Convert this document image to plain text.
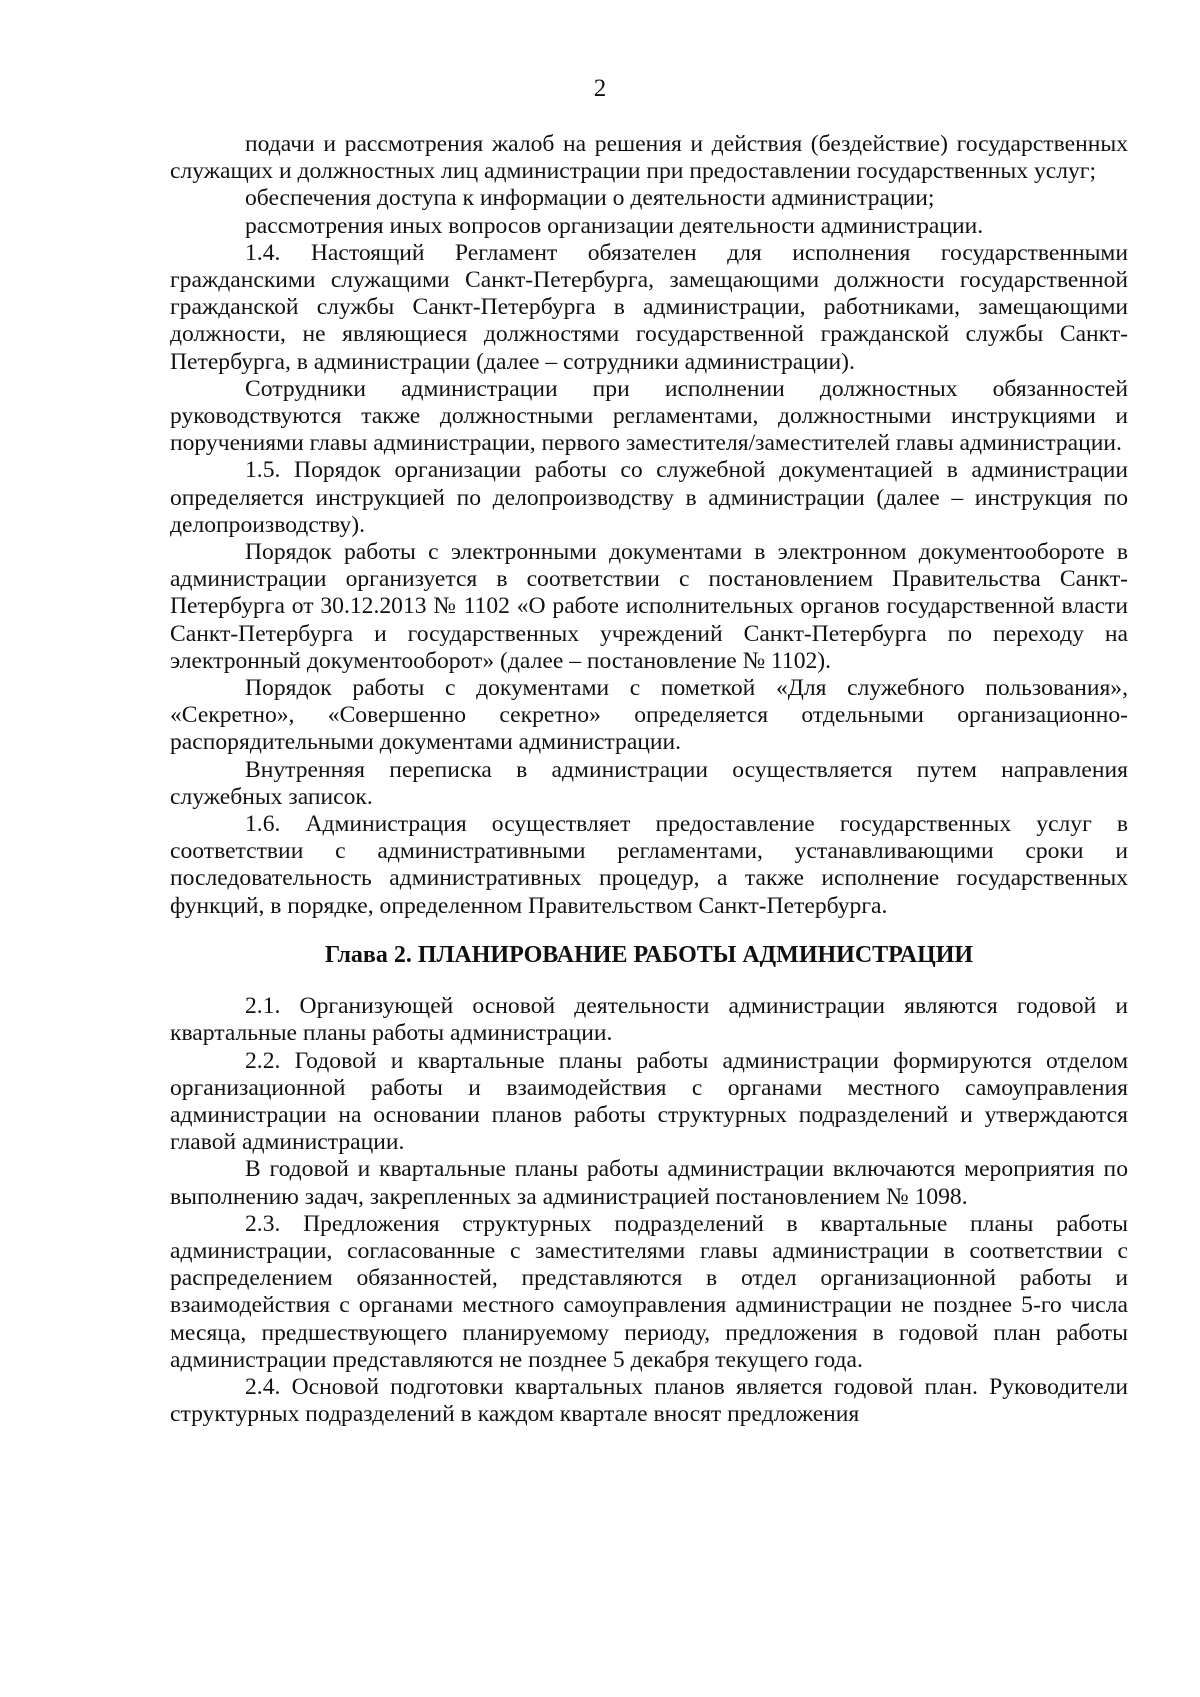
2

подачи и рассмотрения жалоб на решения и действия (бездействие) государственных служащих и должностных лиц администрации при предоставлении государственных услуг;

обеспечения доступа к информации о деятельности администрации;

рассмотрения иных вопросов организации деятельности администрации.

1.4. Настоящий Регламент обязателен для исполнения государственными гражданскими служащими Санкт-Петербурга, замещающими должности государственной гражданской службы Санкт-Петербурга в администрации, работниками, замещающими должности, не являющиеся должностями государственной гражданской службы Санкт-Петербурга, в администрации (далее – сотрудники администрации).

Сотрудники администрации при исполнении должностных обязанностей руководствуются также должностными регламентами, должностными инструкциями и поручениями главы администрации, первого заместителя/заместителей главы администрации.

1.5. Порядок организации работы со служебной документацией в администрации определяется инструкцией по делопроизводству в администрации (далее – инструкция по делопроизводству).

Порядок работы с электронными документами в электронном документообороте в администрации организуется в соответствии с постановлением Правительства Санкт-Петербурга от 30.12.2013 № 1102 «О работе исполнительных органов государственной власти Санкт-Петербурга и государственных учреждений Санкт-Петербурга по переходу на электронный документооборот» (далее – постановление № 1102).

Порядок работы с документами с пометкой «Для служебного пользования», «Секретно», «Совершенно секретно» определяется отдельными организационно-распорядительными документами администрации.

Внутренняя переписка в администрации осуществляется путем направления служебных записок.

1.6. Администрация осуществляет предоставление государственных услуг в соответствии с административными регламентами, устанавливающими сроки и последовательность административных процедур, а также исполнение государственных функций, в порядке, определенном Правительством Санкт-Петербурга.

Глава 2. ПЛАНИРОВАНИЕ РАБОТЫ АДМИНИСТРАЦИИ

2.1. Организующей основой деятельности администрации являются годовой и квартальные планы работы администрации.

2.2. Годовой и квартальные планы работы администрации формируются отделом организационной работы и взаимодействия с органами местного самоуправления администрации на основании планов работы структурных подразделений и утверждаются главой администрации.

В годовой и квартальные планы работы администрации включаются мероприятия по выполнению задач, закрепленных за администрацией постановлением № 1098.

2.3. Предложения структурных подразделений в квартальные планы работы администрации, согласованные с заместителями главы администрации в соответствии с распределением обязанностей, представляются в отдел организационной работы и взаимодействия с органами местного самоуправления администрации не позднее 5-го числа месяца, предшествующего планируемому периоду, предложения в годовой план работы администрации представляются не позднее 5 декабря текущего года.

2.4. Основой подготовки квартальных планов является годовой план. Руководители структурных подразделений в каждом квартале вносят предложения
